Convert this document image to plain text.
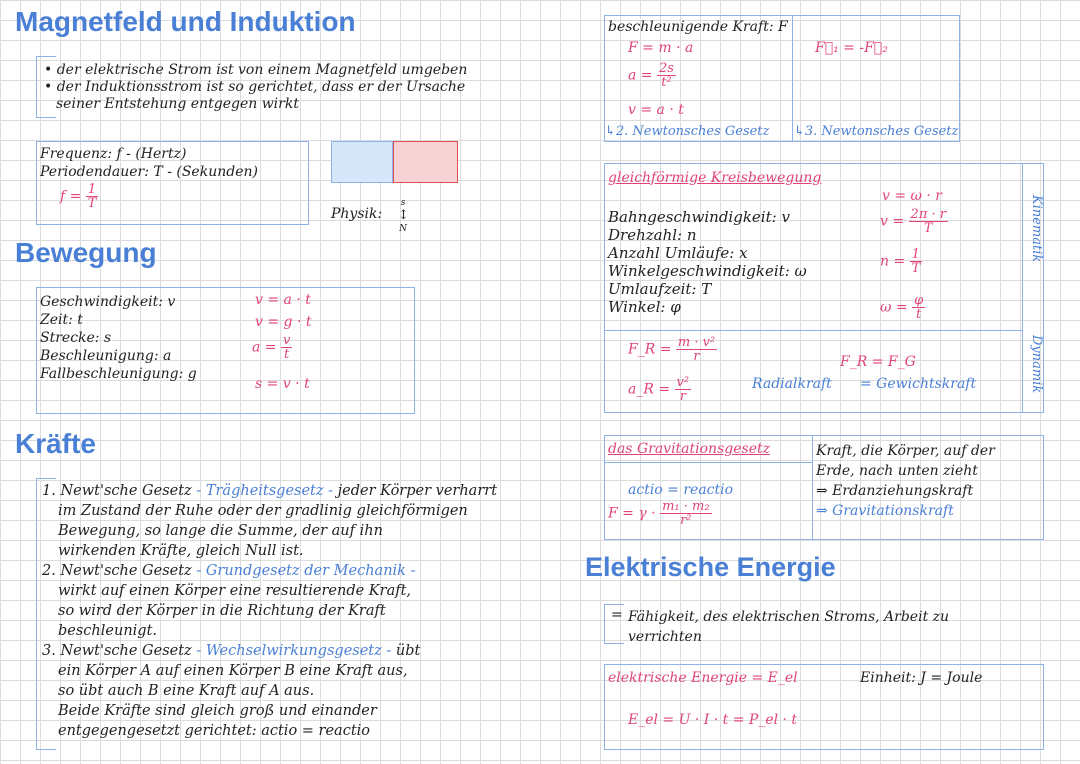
Magnetfeld und Induktion
• der elektrische Strom ist von einem Magnetfeld umgeben
• der Induktionsstrom ist so gerichtet, dass er der Ursache
seiner Entstehung entgegen wirkt
Frequenz: f - (Hertz)
Periodendauer: T - (Sekunden)
$f = \frac{1}{T}$
Physik:
s
↕
N
Bewegung
Geschwindigkeit: v
Zeit: t
Strecke: s
Beschleunigung: a
Fallbeschleunigung: g
v = a · t
v = g · t
$a = \frac{v}{t}$
s = v · t
Kräfte
1. Newt'sche Gesetz - Trägheitsgesetz - jeder Körper verharrt
im Zustand der Ruhe oder der gradlinig gleichförmigen
Bewegung, so lange die Summe, der auf ihn
wirkenden Kräfte, gleich Null ist.
2. Newt'sche Gesetz - Grundgesetz der Mechanik -
wirkt auf einen Körper eine resultierende Kraft,
so wird der Körper in die Richtung der Kraft
beschleunigt.
3. Newt'sche Gesetz - Wechselwirkungsgesetz - übt
ein Körper A auf einen Körper B eine Kraft aus,
so übt auch B eine Kraft auf A aus.
Beide Kräfte sind gleich groß und einander
entgegengesetzt gerichtet: actio = reactio
beschleunigende Kraft: F
F = m · a
$a = \frac{2s}{\text{t²}}$
v = a · t
↳2. Newtonsches Gesetz
F⃗₁ = -F⃗₂
↳3. Newtonsches Gesetz
gleichförmige Kreisbewegung
Bahngeschwindigkeit: v
Drehzahl: n
Anzahl Umläufe: x
Winkelgeschwindigkeit: ω
Umlaufzeit: T
Winkel: φ
v = ω · r
$v = \frac{2\pi \cdot r}{T}$
$n = \frac{1}{T}$
$\omega = \frac{\varphi}{t}$
Kinematik
Dynamik
F_R = $\frac{\text{m · v²}}{r}$
a_R = $\frac{\text{v²}}{r}$	Radialkraft
F_R = F_G
= Gewichtskraft
das Gravitationsgesetz
actio = reactio
$F = \gamma \cdot \frac{\text{m₁ · m₂}}{\text{r²}}$
Kraft, die Körper, auf der
Erde, nach unten zieht
⇒ Erdanziehungskraft
⇒ Gravitationskraft
Elektrische Energie
= Fähigkeit, des elektrischen Stroms, Arbeit zu
verrichten
elektrische Energie = E_el	Einheit: J = Joule
E_el = U · I · t = P_el · t
